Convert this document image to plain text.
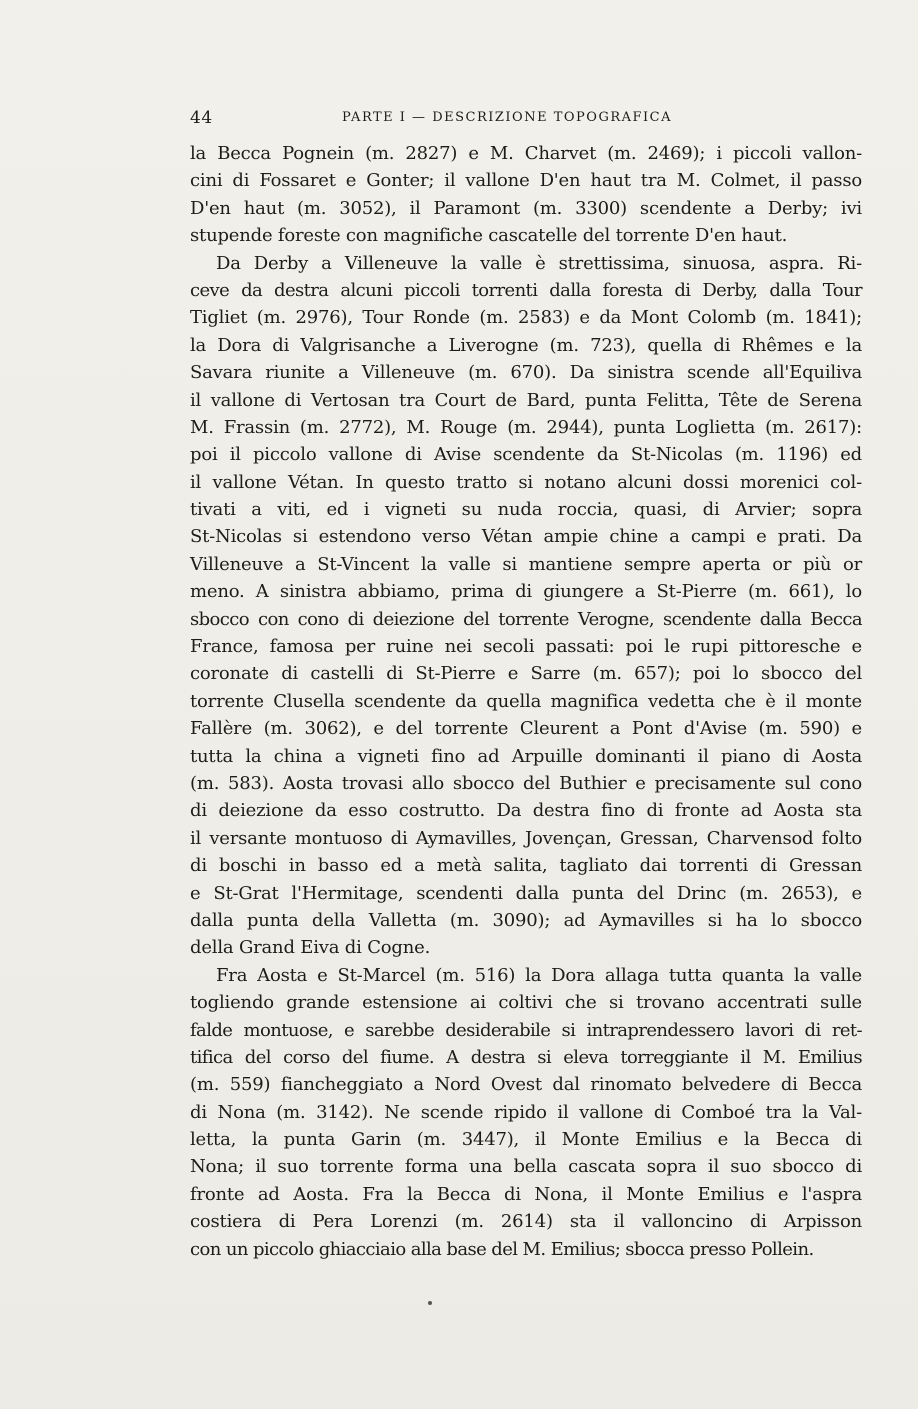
44	PARTE I — DESCRIZIONE TOPOGRAFICA
la Becca Pognein (m. 2827) e M. Charvet (m. 2469); i piccoli vallon-
cini di Fossaret e Gonter; il vallone D'en haut tra M. Colmet, il passo
D'en haut (m. 3052), il Paramont (m. 3300) scendente a Derby; ivi
stupende foreste con magnifiche cascatelle del torrente D'en haut.
Da Derby a Villeneuve la valle è strettissima, sinuosa, aspra. Ri-
ceve da destra alcuni piccoli torrenti dalla foresta di Derby, dalla Tour
Tigliet (m. 2976), Tour Ronde (m. 2583) e da Mont Colomb (m. 1841);
la Dora di Valgrisanche a Liverogne (m. 723), quella di Rhêmes e la
Savara riunite a Villeneuve (m. 670). Da sinistra scende all'Equiliva
il vallone di Vertosan tra Court de Bard, punta Felitta, Tête de Serena
M. Frassin (m. 2772), M. Rouge (m. 2944), punta Loglietta (m. 2617):
poi il piccolo vallone di Avise scendente da St-Nicolas (m. 1196) ed
il vallone Vétan. In questo tratto si notano alcuni dossi morenici col-
tivati a viti, ed i vigneti su nuda roccia, quasi, di Arvier; sopra
St-Nicolas si estendono verso Vétan ampie chine a campi e prati. Da
Villeneuve a St-Vincent la valle si mantiene sempre aperta or più or
meno. A sinistra abbiamo, prima di giungere a St-Pierre (m. 661), lo
sbocco con cono di deiezione del torrente Verogne, scendente dalla Becca
France, famosa per ruine nei secoli passati: poi le rupi pittoresche e
coronate di castelli di St-Pierre e Sarre (m. 657); poi lo sbocco del
torrente Clusella scendente da quella magnifica vedetta che è il monte
Fallère (m. 3062), e del torrente Cleurent a Pont d'Avise (m. 590) e
tutta la china a vigneti fino ad Arpuille dominanti il piano di Aosta
(m. 583). Aosta trovasi allo sbocco del Buthier e precisamente sul cono
di deiezione da esso costrutto. Da destra fino di fronte ad Aosta sta
il versante montuoso di Aymavilles, Jovençan, Gressan, Charvensod folto
di boschi in basso ed a metà salita, tagliato dai torrenti di Gressan
e St-Grat l'Hermitage, scendenti dalla punta del Drinc (m. 2653), e
dalla punta della Valletta (m. 3090); ad Aymavilles si ha lo sbocco
della Grand Eiva di Cogne.
Fra Aosta e St-Marcel (m. 516) la Dora allaga tutta quanta la valle
togliendo grande estensione ai coltivi che si trovano accentrati sulle
falde montuose, e sarebbe desiderabile si intraprendessero lavori di ret-
tifica del corso del fiume. A destra si eleva torreggiante il M. Emilius
(m. 559) fiancheggiato a Nord Ovest dal rinomato belvedere di Becca
di Nona (m. 3142). Ne scende ripido il vallone di Comboé tra la Val-
letta, la punta Garin (m. 3447), il Monte Emilius e la Becca di
Nona; il suo torrente forma una bella cascata sopra il suo sbocco di
fronte ad Aosta. Fra la Becca di Nona, il Monte Emilius e l'aspra
costiera di Pera Lorenzi (m. 2614) sta il valloncino di Arpisson
con un piccolo ghiacciaio alla base del M. Emilius; sbocca presso Pollein.
